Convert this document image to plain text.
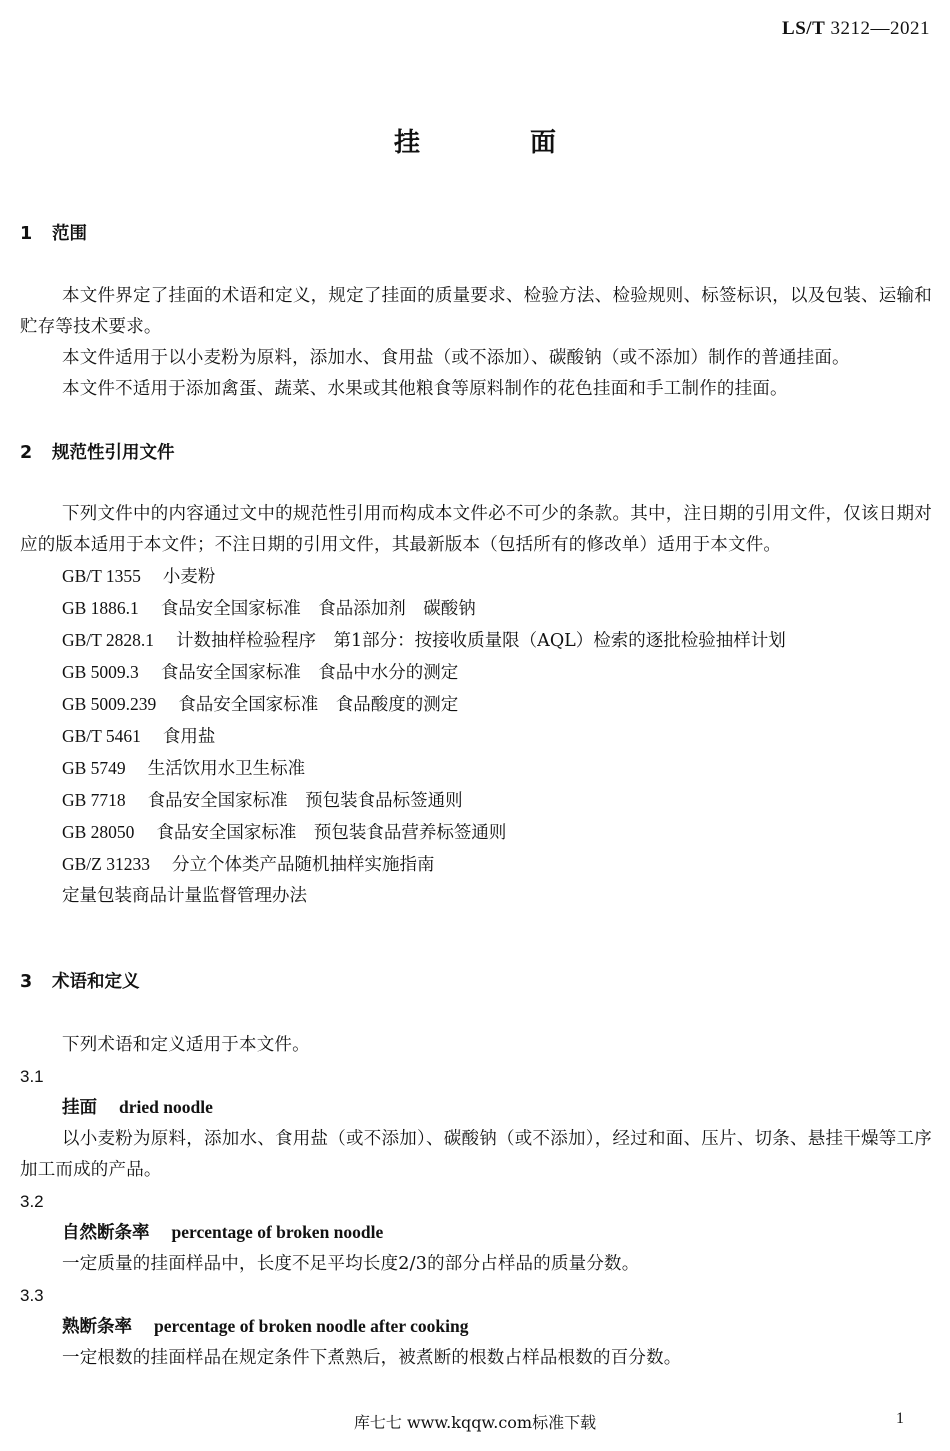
LS/T 3212—2021
挂面
1 范围
本文件界定了挂面的术语和定义，规定了挂面的质量要求、检验方法、检验规则、标签标识，以及包装、运输和贮存等技术要求。
本文件适用于以小麦粉为原料，添加水、食用盐（或不添加）、碳酸钠（或不添加）制作的普通挂面。
本文件不适用于添加禽蛋、蔬菜、水果或其他粮食等原料制作的花色挂面和手工制作的挂面。
2 规范性引用文件
下列文件中的内容通过文中的规范性引用而构成本文件必不可少的条款。其中，注日期的引用文件，仅该日期对应的版本适用于本文件；不注日期的引用文件，其最新版本（包括所有的修改单）适用于本文件。
GB/T 1355 小麦粉
GB 1886.1 食品安全国家标准　食品添加剂　碳酸钠
GB/T 2828.1 计数抽样检验程序　第1部分：按接收质量限（AQL）检索的逐批检验抽样计划
GB 5009.3 食品安全国家标准　食品中水分的测定
GB 5009.239 食品安全国家标准　食品酸度的测定
GB/T 5461 食用盐
GB 5749 生活饮用水卫生标准
GB 7718 食品安全国家标准　预包装食品标签通则
GB 28050 食品安全国家标准　预包装食品营养标签通则
GB/Z 31233 分立个体类产品随机抽样实施指南
定量包装商品计量监督管理办法
3 术语和定义
下列术语和定义适用于本文件。
3.1
挂面 dried noodle
以小麦粉为原料，添加水、食用盐（或不添加）、碳酸钠（或不添加），经过和面、压片、切条、悬挂干燥等工序加工而成的产品。
3.2
自然断条率 percentage of broken noodle
一定质量的挂面样品中，长度不足平均长度2/3的部分占样品的质量分数。
3.3
熟断条率 percentage of broken noodle after cooking
一定根数的挂面样品在规定条件下煮熟后，被煮断的根数占样品根数的百分数。
库七七 www.kqqw.com标准下载	1
